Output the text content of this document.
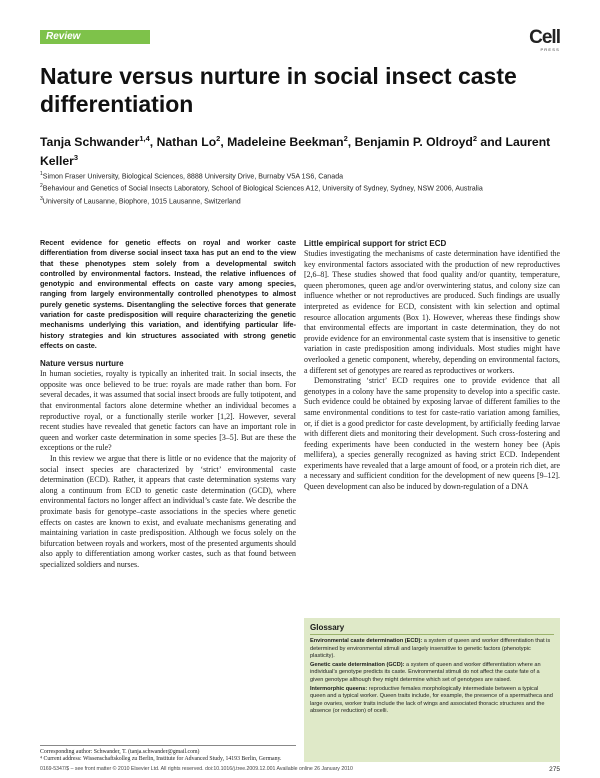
Review	Cell
PRESS
Nature versus nurture in social insect caste differentiation
Tanja Schwander$^{1,4}$, Nathan Lo$^2$, Madeleine Beekman$^2$, Benjamin P. Oldroyd$^2$ and Laurent Keller$^3$
$^1$Simon Fraser University, Biological Sciences, 8888 University Drive, Burnaby V5A 1S6, Canada
$^2$Behaviour and Genetics of Social Insects Laboratory, School of Biological Sciences A12, University of Sydney, Sydney, NSW 2006, Australia
$^3$University of Lausanne, Biophore, 1015 Lausanne, Switzerland

Recent evidence for genetic effects on royal and worker caste differentiation from diverse social insect taxa has put an end to the view that these phenotypes stem solely from a developmental switch controlled by environmental factors. Instead, the relative influences of genotypic and environmental effects on caste vary among species, ranging from largely environmentally controlled phenotypes to almost purely genetic systems. Disentangling the selective forces that generate variation for caste predisposition will require characterizing the genetic mechanisms underlying this variation, and identifying particular life-history strategies and kin structures associated with strong genetic effects on caste.

Nature versus nurture

In human societies, royalty is typically an inherited trait. In social insects, the opposite was once believed to be true: royals are made rather than born. For several decades, it was assumed that social insect broods are fully totipotent, and that environmental factors alone determine whether an individual becomes a reproductive royal, or a functionally sterile worker [1,2]. However, several recent studies have revealed that genetic factors can have an important role in queen and worker caste determination in some species [3–5]. But are these the exceptions or the rule?

In this review we argue that there is little or no evidence that the majority of social insect species are characterized by ‘strict’ environmental caste determination (ECD). Rather, it appears that caste determination systems vary along a continuum from ECD to genetic caste determination (GCD), where environmental factors no longer affect an individual’s caste fate. We describe the proximate basis for genotype–caste associations in the species where genetic effects on castes are known to exist, and evaluate mechanisms generating and maintaining variation in caste predisposition. Although we focus solely on the bifurcation between royals and workers, most of the presented arguments should also apply to differentiation among worker castes, such as that found between specialized soldiers and nurses.

Little empirical support for strict ECD

Studies investigating the mechanisms of caste determination have identified the key environmental factors associated with the production of new reproductives [2,6–8]. These studies showed that food quality and/or quantity, temperature, queen pheromones, queen age and/or overwintering status, and colony size can influence whether or not reproductives are produced. Such findings are usually interpreted as evidence for ECD, consistent with kin selection and optimal resource allocation arguments (Box 1). However, whereas these findings show that environmental effects are important in caste determination, they do not provide evidence for an environmental caste system that is insensitive to genetic variation in caste predisposition among individuals. Most studies might have overlooked a genetic component, whereby, depending on environmental factors, a different set of genotypes are reared as reproductives or workers.

Demonstrating ‘strict’ ECD requires one to provide evidence that all genotypes in a colony have the same propensity to develop into a specific caste. Such evidence could be obtained by exposing larvae of different families to the same environmental conditions to test for caste-ratio variation among families, or, if diet is a good predictor for caste development, by artificially feeding larvae with different diets and monitoring their development. Such cross-fostering and feeding experiments have been conducted in the western honey bee (Apis mellifera), a species generally recognized as having strict ECD. Independent experiments have revealed that a large amount of food, or a protein rich diet, are a necessary and sufficient condition for the development of new queens [9–12]. Queen development can also be induced by down-regulation of a DNA

Glossary

Environmental caste determination (ECD): a system of queen and worker differentiation that is determined by environmental stimuli and largely insensitive to genetic factors (phenotypic plasticity).

Genetic caste determination (GCD): a system of queen and worker differentiation where an individual’s genotype predicts its caste. Environmental stimuli do not affect the caste fate of a given genotype although they might determine which set of genotypes are raised.

Intermorphic queens: reproductive females morphologically intermediate between a typical queen and a typical worker. Queen traits include, for example, the presence of a spermatheca and large ovaries, worker traits include the lack of wings and associated thoracic structures and the absence (or reduction) of ocelli.

Corresponding author: Schwander, T. (tanja.schwander@gmail.com)
⁴ Current address: Wissenschaftskolleg zu Berlin, Institute for Advanced Study, 14193 Berlin, Germany.
0169-5347/$ – see front matter © 2010 Elsevier Ltd. All rights reserved. doi:10.1016/j.tree.2009.12.001 Available online 26 January 2010	275
